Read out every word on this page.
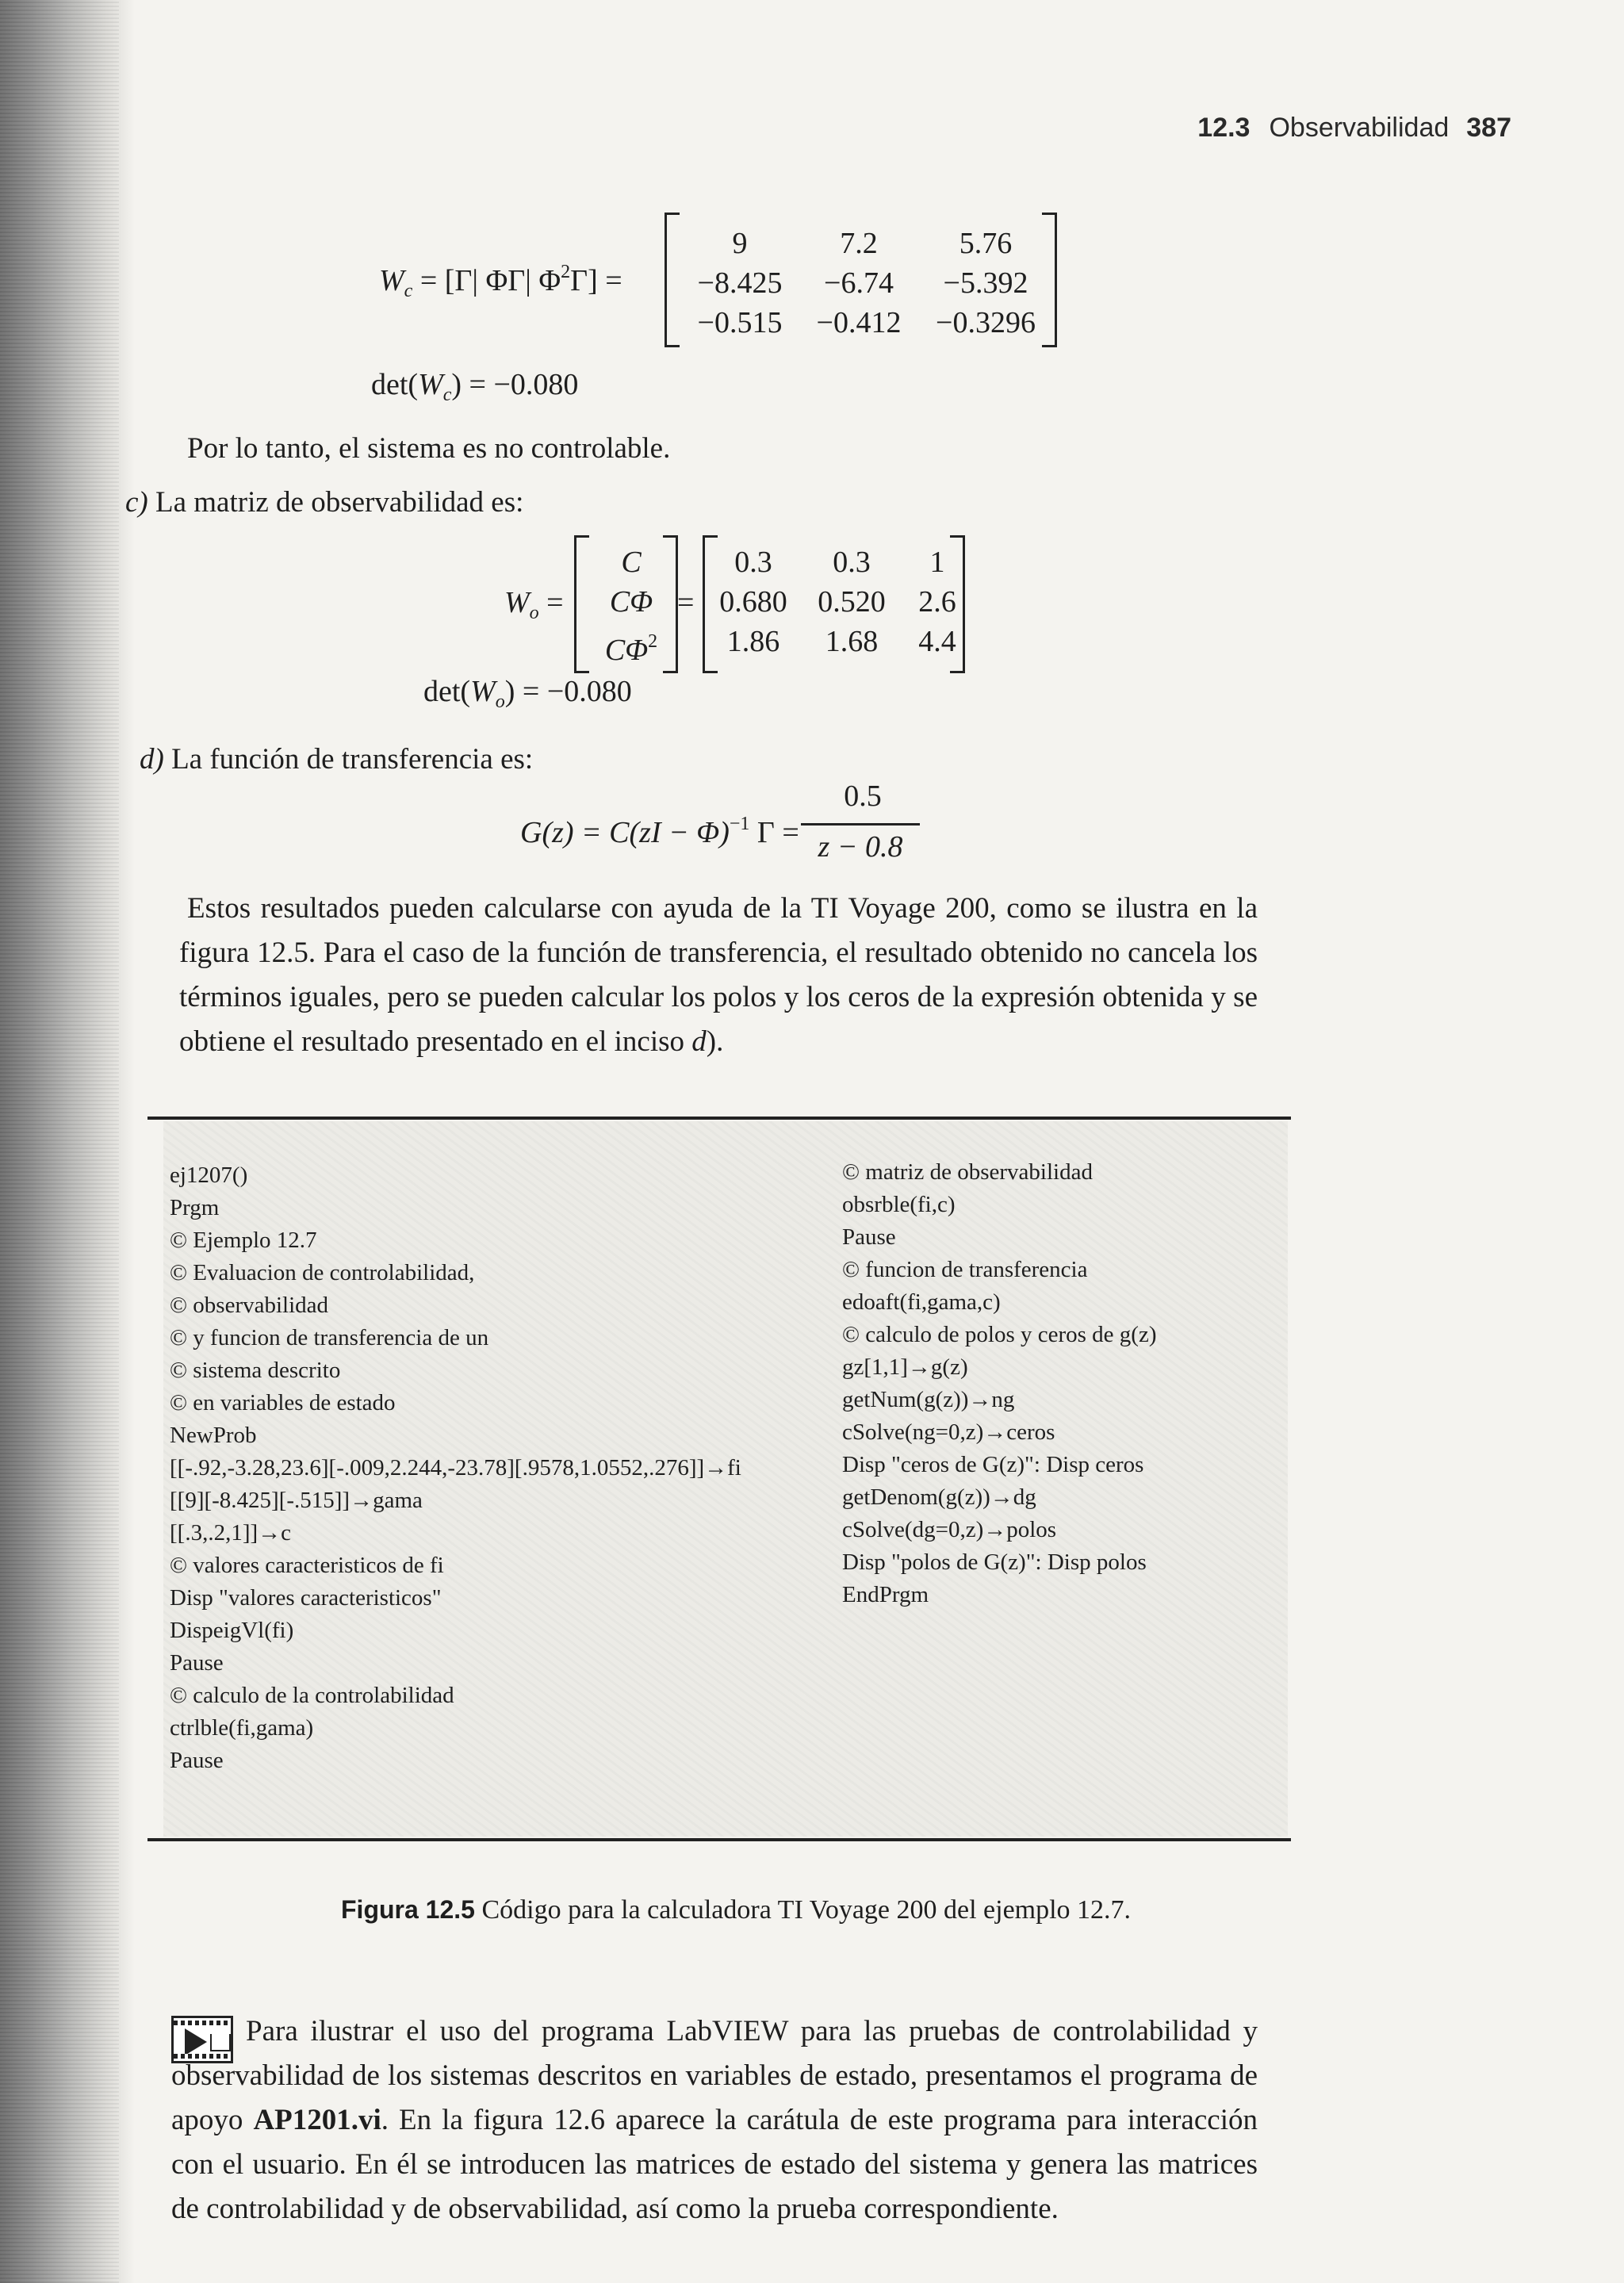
12.3 Observabilidad 387
$W_c = [\Gamma|$ ΦΓ| $\Phi^2\Gamma$] =
9	7.2	5.76
−8.425	−6.74	−5.392
−0.515	−0.412	−0.3296
$\det(W_c) = -0.080$
Por lo tanto, el sistema es no controlable.
c) La matriz de observabilidad es:
$W_o$ =
C
CΦ
$C\Phi^2$
=
0.3	0.3	1
0.680	0.520	2.6
1.86	1.68	4.4
$\det(W_o) = -0.080$
d) La función de transferencia es:
G(z) = C(zI − Φ)$^{-1}$ Γ =
0.5
z − 0.8
Estos resultados pueden calcularse con ayuda de la TI Voyage 200, como se ilustra en la figura 12.5. Para el caso de la función de transferencia, el resultado obtenido no cancela los términos iguales, pero se pueden calcular los polos y los ceros de la expresión obtenida y se obtiene el resultado presentado en el inciso d).
ej1207()
Prgm
© Ejemplo 12.7
© Evaluacion de controlabilidad,
© observabilidad
© y funcion de transferencia de un
© sistema descrito
© en variables de estado
NewProb
[[-.92,-3.28,23.6][-.009,2.244,-23.78][.9578,1.0552,.276]]→fi
[[9][-8.425][-.515]]→gama
[[.3,.2,1]]→c
© valores caracteristicos de fi
Disp "valores caracteristicos"
DispeigVl(fi)
Pause
© calculo de la controlabilidad
ctrlble(fi,gama)
Pause
© matriz de observabilidad
obsrble(fi,c)
Pause
© funcion de transferencia
edoaft(fi,gama,c)
© calculo de polos y ceros de g(z)
gz[1,1]→g(z)
getNum(g(z))→ng
cSolve(ng=0,z)→ceros
Disp "ceros de G(z)": Disp ceros
getDenom(g(z))→dg
cSolve(dg=0,z)→polos
Disp "polos de G(z)": Disp polos
EndPrgm
Figura 12.5 Código para la calculadora TI Voyage 200 del ejemplo 12.7.
Para ilustrar el uso del programa LabVIEW para las pruebas de controlabilidad y observabilidad de los sistemas descritos en variables de estado, presentamos el programa de apoyo AP1201.vi. En la figura 12.6 aparece la carátula de este programa para interacción con el usuario. En él se introducen las matrices de estado del sistema y genera las matrices de controlabilidad y de observabilidad, así como la prueba correspondiente.
